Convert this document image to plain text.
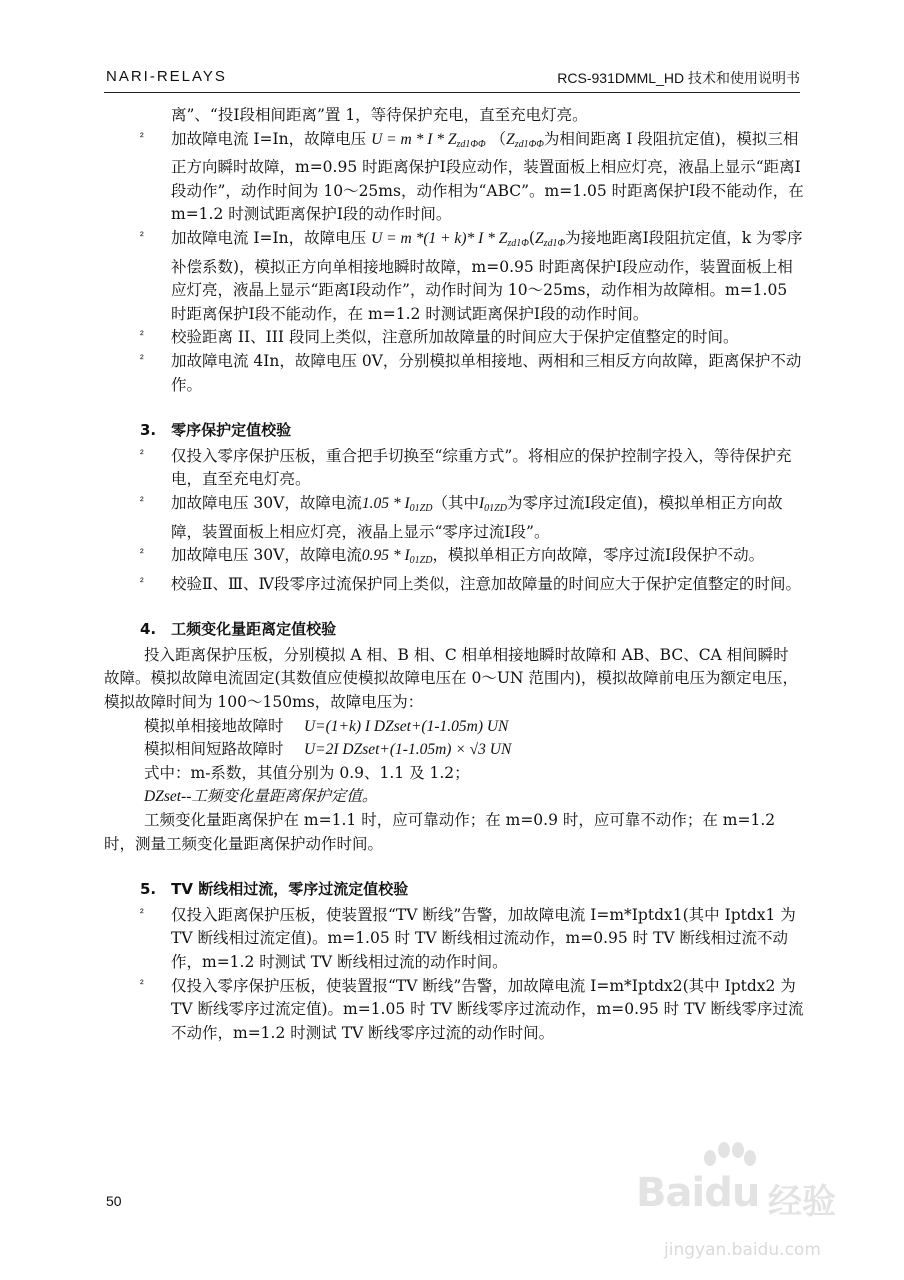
NARI-RELAYS	RCS-931DMML_HD 技术和使用说明书
离”、“投Ⅰ段相间距离”置 1，等待保护充电，直至充电灯亮。
² 加故障电流 I=In，故障电压 $U = m * I * Z_{zd1\Phi\Phi}$ （$Z_{zd1\Phi\Phi}$为相间距离 Ⅰ 段阻抗定值)，模拟三相正方向瞬时故障，m=0.95 时距离保护Ⅰ段应动作，装置面板上相应灯亮，液晶上显示“距离Ⅰ段动作”，动作时间为 10～25ms，动作相为“ABC”。m=1.05 时距离保护Ⅰ段不能动作，在 m=1.2 时测试距离保护Ⅰ段的动作时间。
² 加故障电流 I=In，故障电压 U = m *(1 + k)* I * $Z_{zd1\Phi}(Z_{zd1\Phi}$为接地距离Ⅰ段阻抗定值，k 为零序补偿系数)，模拟正方向单相接地瞬时故障，m=0.95 时距离保护Ⅰ段应动作，装置面板上相应灯亮，液晶上显示“距离Ⅰ段动作”，动作时间为 10～25ms，动作相为故障相。m=1.05 时距离保护Ⅰ段不能动作，在 m=1.2 时测试距离保护Ⅰ段的动作时间。
² 校验距离 II、III 段同上类似，注意所加故障量的时间应大于保护定值整定的时间。
² 加故障电流 4In，故障电压 0V，分别模拟单相接地、两相和三相反方向故障，距离保护不动作。
3.　零序保护定值校验
² 仅投入零序保护压板，重合把手切换至“综重方式”。将相应的保护控制字投入，等待保护充电，直至充电灯亮。
² 加故障电压 30V，故障电流$1.05 * I_{01ZD}$（其中$I_{01ZD}$为零序过流Ⅰ段定值)，模拟单相正方向故障，装置面板上相应灯亮，液晶上显示“零序过流Ⅰ段”。
² 加故障电压 30V，故障电流$0.95 * I_{01ZD}$，模拟单相正方向故障，零序过流Ⅰ段保护不动。
² 校验Ⅱ、Ⅲ、Ⅳ段零序过流保护同上类似，注意加故障量的时间应大于保护定值整定的时间。
4.　工频变化量距离定值校验
投入距离保护压板，分别模拟 A 相、B 相、C 相单相接地瞬时故障和 AB、BC、CA 相间瞬时故障。模拟故障电流固定(其数值应使模拟故障电压在 0～UN 范围内)，模拟故障前电压为额定电压，模拟故障时间为 100～150ms，故障电压为：
模拟单相接地故障时　 U=(1+k) I DZset+(1-1.05m) UN
模拟相间短路故障时　 U=2I DZset+(1-1.05m) × √3 UN
式中：m-系数，其值分别为 0.9、1.1 及 1.2；
DZset--工频变化量距离保护定值。
工频变化量距离保护在 m=1.1 时，应可靠动作；在 m=0.9 时，应可靠不动作；在 m=1.2 时，测量工频变化量距离保护动作时间。
5.　TV 断线相过流，零序过流定值校验
² 仅投入距离保护压板，使装置报“TV 断线”告警，加故障电流 I=m*Iptdx1(其中 Iptdx1 为 TV 断线相过流定值)。m=1.05 时 TV 断线相过流动作，m=0.95 时 TV 断线相过流不动作，m=1.2 时测试 TV 断线相过流的动作时间。
² 仅投入零序保护压板，使装置报“TV 断线”告警，加故障电流 I=m*Iptdx2(其中 Iptdx2 为 TV 断线零序过流定值)。m=1.05 时 TV 断线零序过流动作，m=0.95 时 TV 断线零序过流不动作，m=1.2 时测试 TV 断线零序过流的动作时间。
50	Baidu 经验
jingyan.baidu.com
